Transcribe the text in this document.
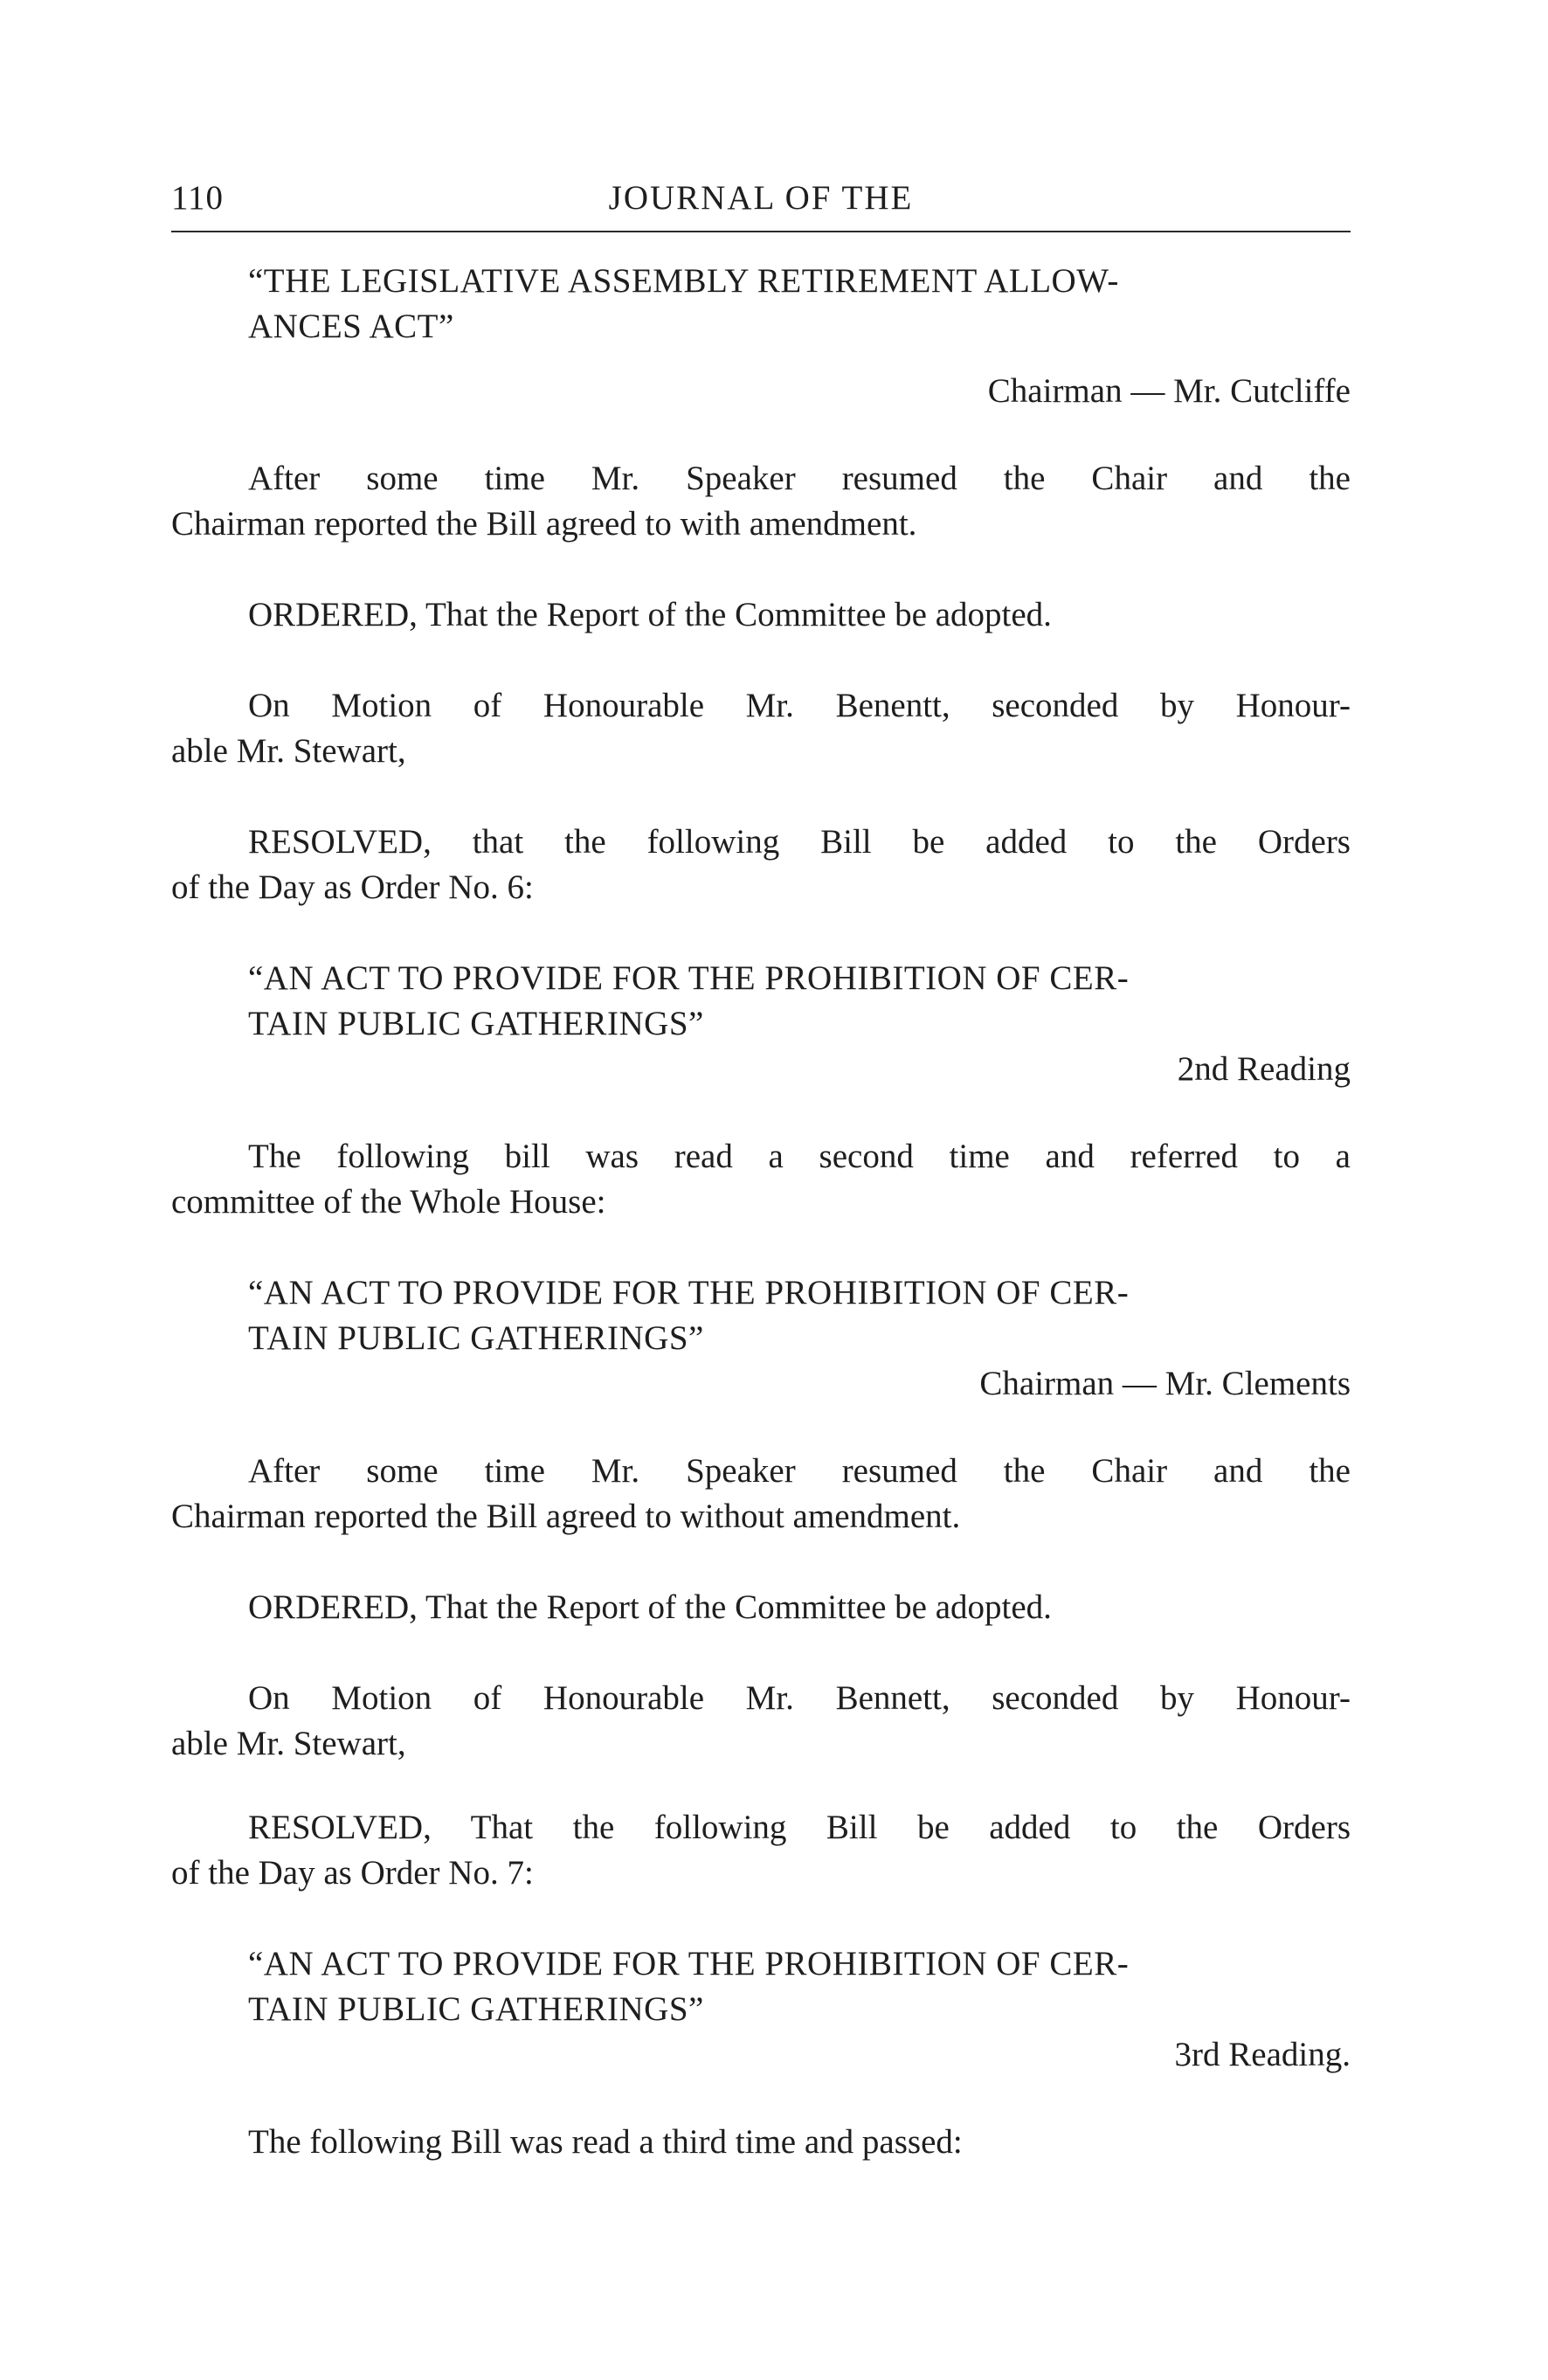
110	JOURNAL OF THE
“THE LEGISLATIVE ASSEMBLY RETIREMENT ALLOW-
ANCES ACT”

Chairman — Mr. Cutcliffe

After some time Mr. Speaker resumed the Chair and the
Chairman reported the Bill agreed to with amendment.

ORDERED, That the Report of the Committee be adopted.

On Motion of Honourable Mr. Benentt, seconded by Honour-
able Mr. Stewart,
RESOLVED, that the following Bill be added to the Orders
of the Day as Order No. 6:
“AN ACT TO PROVIDE FOR THE PROHIBITION OF CER-
TAIN PUBLIC GATHERINGS”

2nd Reading

The following bill was read a second time and referred to a
committee of the Whole House:
“AN ACT TO PROVIDE FOR THE PROHIBITION OF CER-
TAIN PUBLIC GATHERINGS”

Chairman — Mr. Clements

After some time Mr. Speaker resumed the Chair and the
Chairman reported the Bill agreed to without amendment.

ORDERED, That the Report of the Committee be adopted.

On Motion of Honourable Mr. Bennett, seconded by Honour-
able Mr. Stewart,
RESOLVED, That the following Bill be added to the Orders
of the Day as Order No. 7:
“AN ACT TO PROVIDE FOR THE PROHIBITION OF CER-
TAIN PUBLIC GATHERINGS”

3rd Reading.

The following Bill was read a third time and passed:
